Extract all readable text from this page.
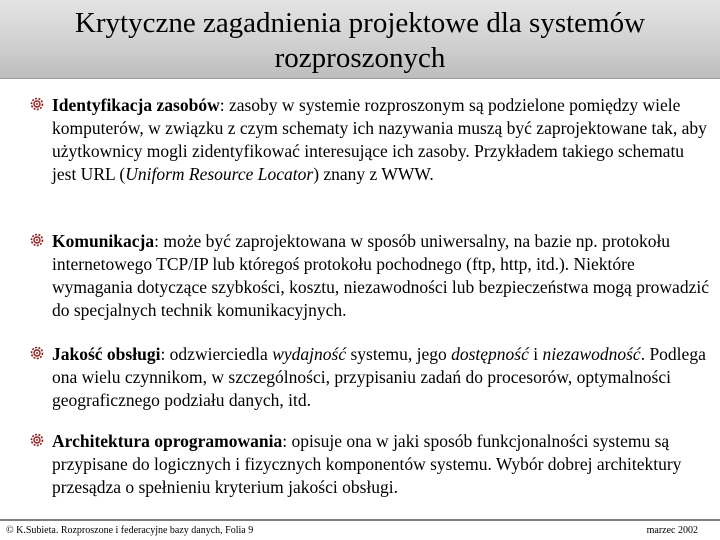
Krytyczne zagadnienia projektowe dla systemów rozproszonych
Identyfikacja zasobów: zasoby w systemie rozproszonym są podzielone pomiędzy wiele komputerów, w związku z czym schematy ich nazywania muszą być zaprojektowane tak, aby użytkownicy mogli zidentyfikować interesujące ich zasoby. Przykładem takiego schematu jest URL (Uniform Resource Locator) znany z WWW.
Komunikacja: może być zaprojektowana w sposób uniwersalny, na bazie np. protokołu internetowego TCP/IP lub któregoś protokołu pochodnego (ftp, http, itd.). Niektóre wymagania dotyczące szybkości, kosztu, niezawodności lub bezpieczeństwa mogą prowadzić do specjalnych technik komunikacyjnych.
Jakość obsługi: odzwierciedla wydajność systemu, jego dostępność i niezawodność. Podlega ona wielu czynnikom, w szczególności, przypisaniu zadań do procesorów, optymalności geograficznego podziału danych, itd.
Architektura oprogramowania: opisuje ona w jaki sposób funkcjonalności systemu są przypisane do logicznych i fizycznych komponentów systemu. Wybór dobrej architektury przesądza o spełnieniu kryterium jakości obsługi.
© K.Subieta. Rozproszone i federacyjne bazy danych, Folia 9	marzec 2002
